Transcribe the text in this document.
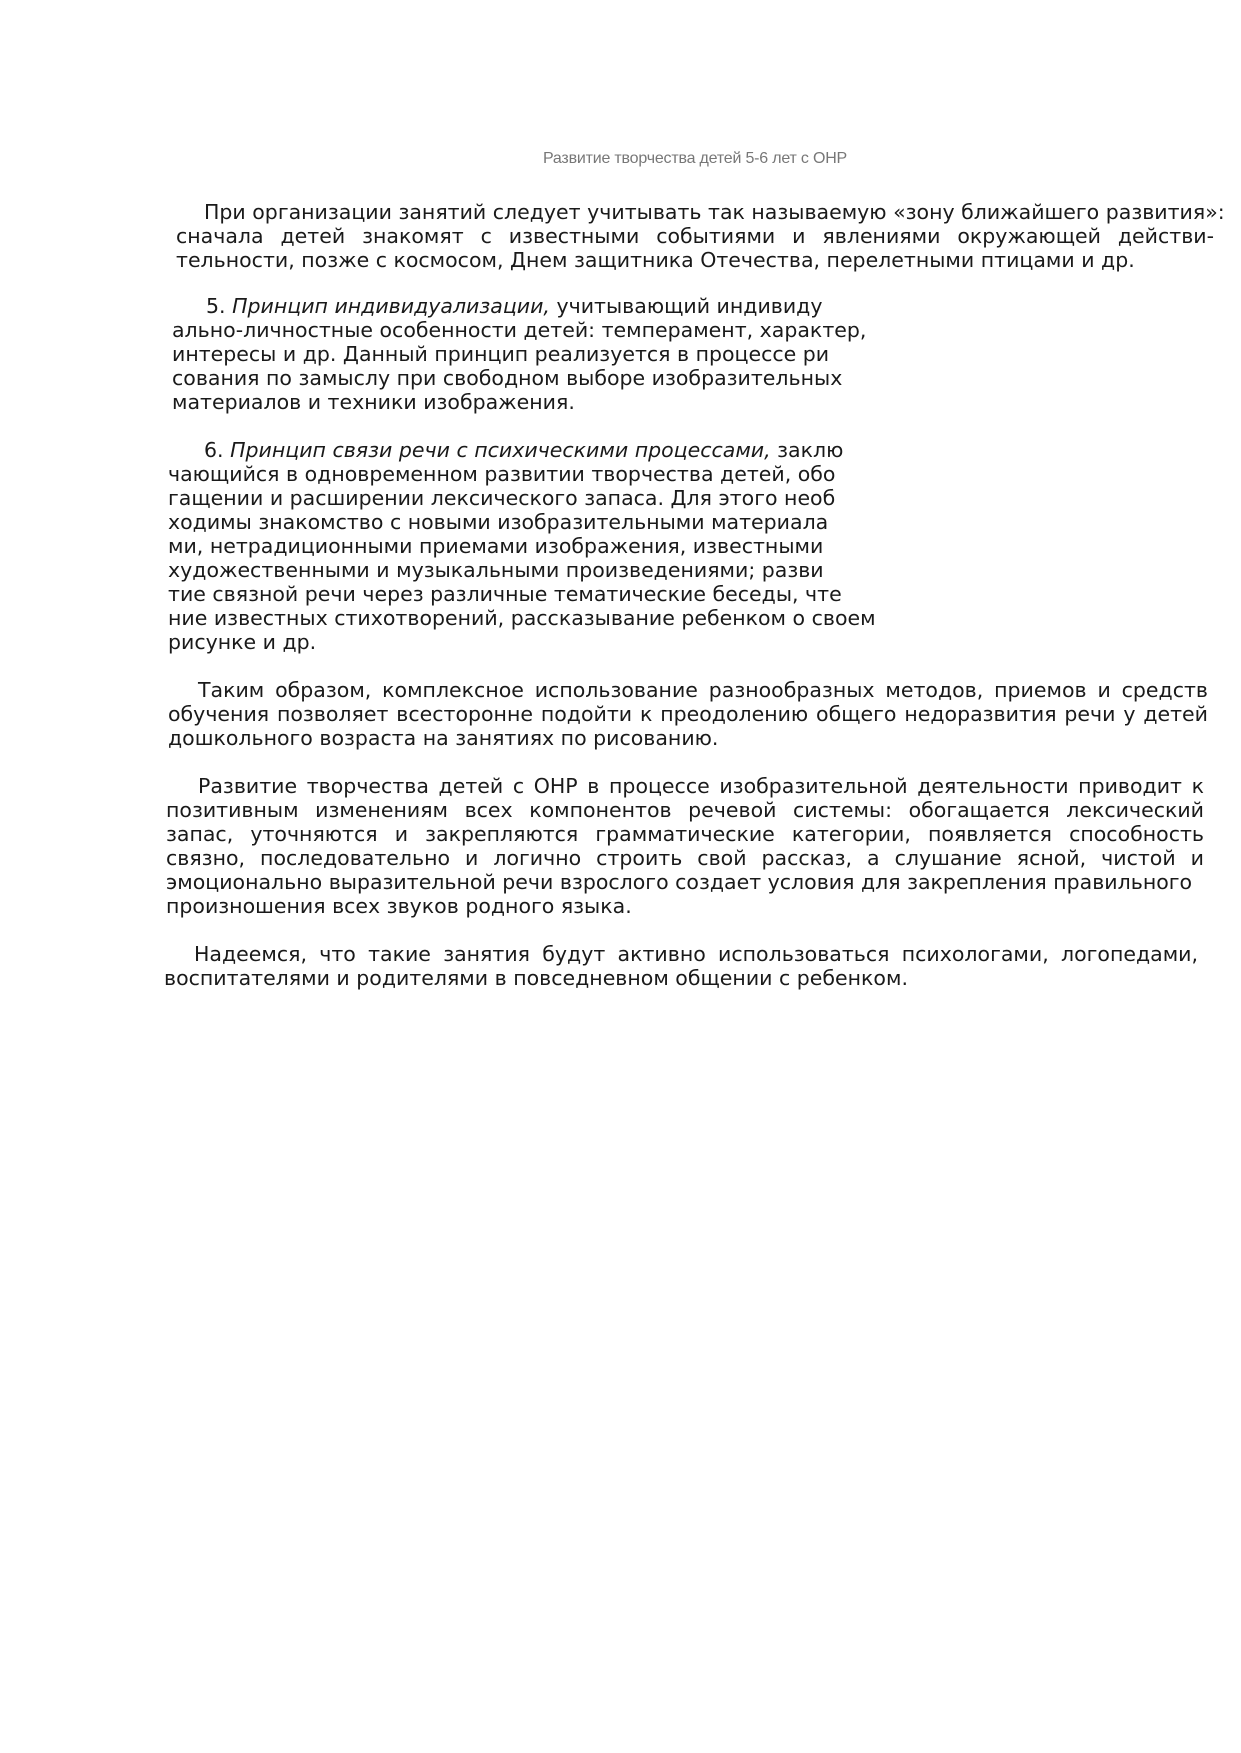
Развитие творчества детей 5-6 лет с ОНР
При организации занятий следует учитывать так называемую «зону ближайшего развития»:
сначала детей знакомят с известными событиями и явлениями окружающей действи-
тельности, позже с космосом, Днем защитника Отечества, перелетными птицами и др.
5. Принцип индивидуализации, учитывающий индивиду
ально-личностные особенности детей: темперамент, характер,
интересы и др. Данный принцип реализуется в процессе ри
сования по замыслу при свободном выборе изобразительных
материалов и техники изображения.
6. Принцип связи речи с психическими процессами, заклю
чающийся в одновременном развитии творчества детей, обо
гащении и расширении лексического запаса. Для этого необ
ходимы знакомство с новыми изобразительными материала
ми, нетрадиционными приемами изображения, известными
художественными и музыкальными произведениями; разви
тие связной речи через различные тематические беседы, чте
ние известных стихотворений, рассказывание ребенком о своем
рисунке и др.
Таким образом, комплексное использование разнообразных методов, приемов и средств
обучения позволяет всесторонне подойти к преодолению общего недоразвития речи у детей
дошкольного возраста на занятиях по рисованию.
Развитие творчества детей с ОНР в процессе изобразительной деятельности приводит к
позитивным изменениям всех компонентов речевой системы: обогащается лексический
запас, уточняются и закрепляются грамматические категории, появляется способность
связно, последовательно и логично строить свой рассказ, а слушание ясной, чистой и
эмоционально выразительной речи взрослого создает условия для закрепления правильного
произношения всех звуков родного языка.
Надеемся, что такие занятия будут активно использоваться психологами, логопедами,
воспитателями и родителями в повседневном общении с ребенком.
